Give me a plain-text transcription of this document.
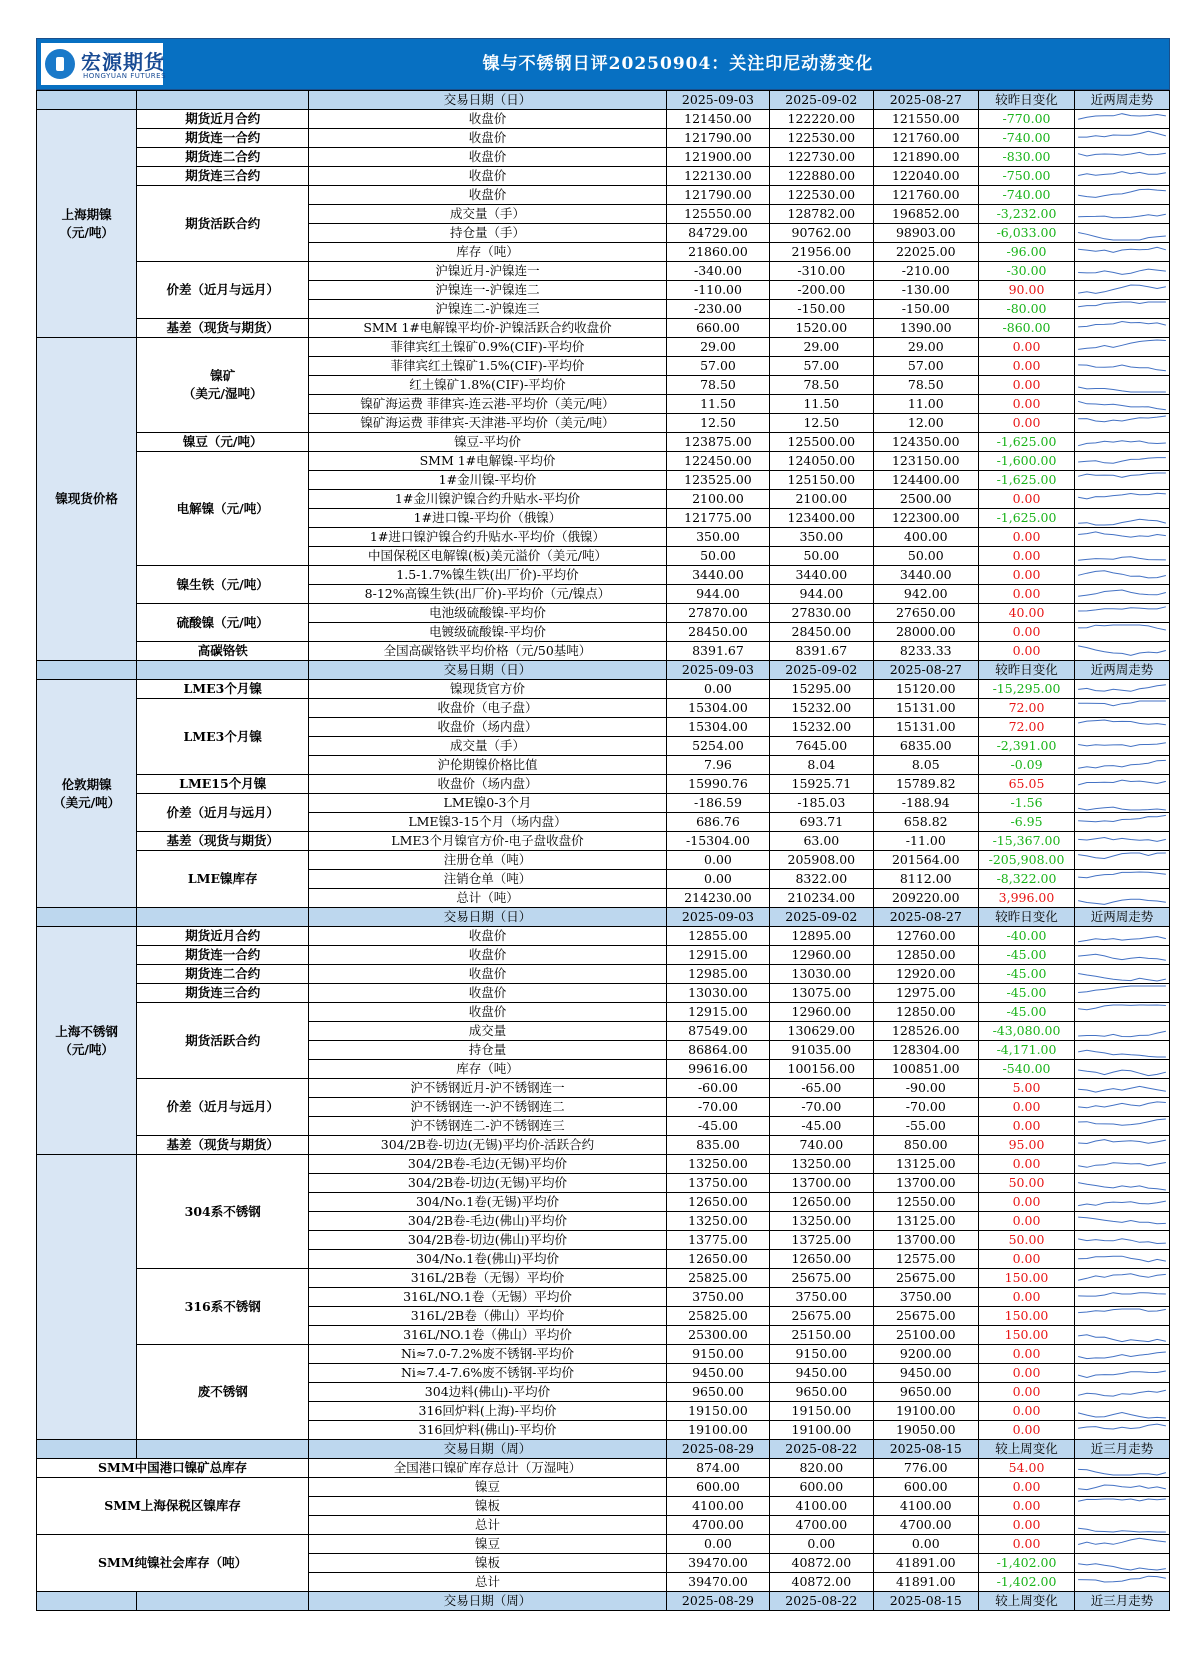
宏源期货
HONGYUAN FUTURES
镍与不锈钢日评20250904：关注印尼动荡变化
		交易日期（日）	2025-09-03	2025-09-02	2025-08-27	较昨日变化	近两周走势
上海期镍
（元/吨）	期货近月合约	收盘价	121450.00	122220.00	121550.00	-770.00	

	期货连一合约	收盘价	121790.00	122530.00	121760.00	-740.00	

	期货连二合约	收盘价	121900.00	122730.00	121890.00	-830.00	

	期货连三合约	收盘价	122130.00	122880.00	122040.00	-750.00	

	期货活跃合约	收盘价	121790.00	122530.00	121760.00	-740.00	

		成交量（手）	125550.00	128782.00	196852.00	-3,232.00	

		持仓量（手）	84729.00	90762.00	98903.00	-6,033.00	

		库存（吨）	21860.00	21956.00	22025.00	-96.00	

	价差（近月与远月）	沪镍近月-沪镍连一	-340.00	-310.00	-210.00	-30.00	

		沪镍连一-沪镍连二	-110.00	-200.00	-130.00	90.00	

		沪镍连二-沪镍连三	-230.00	-150.00	-150.00	-80.00	

	基差（现货与期货）	SMM 1#电解镍平均价-沪镍活跃合约收盘价	660.00	1520.00	1390.00	-860.00	

镍现货价格	镍矿
（美元/湿吨）	菲律宾红土镍矿0.9%(CIF)-平均价	29.00	29.00	29.00	0.00	

		菲律宾红土镍矿1.5%(CIF)-平均价	57.00	57.00	57.00	0.00	

		红土镍矿1.8%(CIF)-平均价	78.50	78.50	78.50	0.00	

		镍矿海运费 菲律宾-连云港-平均价（美元/吨）	11.50	11.50	11.00	0.00	

		镍矿海运费 菲律宾-天津港-平均价（美元/吨）	12.50	12.50	12.00	0.00	

	镍豆（元/吨）	镍豆-平均价	123875.00	125500.00	124350.00	-1,625.00	

	电解镍（元/吨）	SMM 1#电解镍-平均价	122450.00	124050.00	123150.00	-1,600.00	

		1#金川镍-平均价	123525.00	125150.00	124400.00	-1,625.00	

		1#金川镍沪镍合约升贴水-平均价	2100.00	2100.00	2500.00	0.00	

		1#进口镍-平均价（俄镍）	121775.00	123400.00	122300.00	-1,625.00	

		1#进口镍沪镍合约升贴水-平均价（俄镍）	350.00	350.00	400.00	0.00	

		中国保税区电解镍(板)美元溢价（美元/吨）	50.00	50.00	50.00	0.00	

	镍生铁（元/吨）	1.5-1.7%镍生铁(出厂价)-平均价	3440.00	3440.00	3440.00	0.00	

		8-12%高镍生铁(出厂价)-平均价（元/镍点）	944.00	944.00	942.00	0.00	

	硫酸镍（元/吨）	电池级硫酸镍-平均价	27870.00	27830.00	27650.00	40.00	

		电镀级硫酸镍-平均价	28450.00	28450.00	28000.00	0.00	

	高碳铬铁	全国高碳铬铁平均价格（元/50基吨）	8391.67	8391.67	8233.33	0.00	

		交易日期（日）	2025-09-03	2025-09-02	2025-08-27	较昨日变化	近两周走势
伦敦期镍
（美元/吨）	LME3个月镍	镍现货官方价	0.00	15295.00	15120.00	-15,295.00	

	LME3个月镍	收盘价（电子盘）	15304.00	15232.00	15131.00	72.00	

		收盘价（场内盘）	15304.00	15232.00	15131.00	72.00	

		成交量（手）	5254.00	7645.00	6835.00	-2,391.00	

		沪伦期镍价格比值	7.96	8.04	8.05	-0.09	

	LME15个月镍	收盘价（场内盘）	15990.76	15925.71	15789.82	65.05	

	价差（近月与远月）	LME镍0-3个月	-186.59	-185.03	-188.94	-1.56	

		LME镍3-15个月（场内盘）	686.76	693.71	658.82	-6.95	

	基差（现货与期货）	LME3个月镍官方价-电子盘收盘价	-15304.00	63.00	-11.00	-15,367.00	

	LME镍库存	注册仓单（吨）	0.00	205908.00	201564.00	-205,908.00	

		注销仓单（吨）	0.00	8322.00	8112.00	-8,322.00	

		总计（吨）	214230.00	210234.00	209220.00	3,996.00	

		交易日期（日）	2025-09-03	2025-09-02	2025-08-27	较昨日变化	近两周走势
上海不锈钢
（元/吨）	期货近月合约	收盘价	12855.00	12895.00	12760.00	-40.00	

	期货连一合约	收盘价	12915.00	12960.00	12850.00	-45.00	

	期货连二合约	收盘价	12985.00	13030.00	12920.00	-45.00	

	期货连三合约	收盘价	13030.00	13075.00	12975.00	-45.00	

	期货活跃合约	收盘价	12915.00	12960.00	12850.00	-45.00	

		成交量	87549.00	130629.00	128526.00	-43,080.00	

		持仓量	86864.00	91035.00	128304.00	-4,171.00	

		库存（吨）	99616.00	100156.00	100851.00	-540.00	

	价差（近月与远月）	沪不锈钢近月-沪不锈钢连一	-60.00	-65.00	-90.00	5.00	

		沪不锈钢连一-沪不锈钢连二	-70.00	-70.00	-70.00	0.00	

		沪不锈钢连二-沪不锈钢连三	-45.00	-45.00	-55.00	0.00	

	基差（现货与期货）	304/2B卷-切边(无锡)平均价-活跃合约	835.00	740.00	850.00	95.00	

	304系不锈钢	304/2B卷-毛边(无锡)平均价	13250.00	13250.00	13125.00	0.00	

		304/2B卷-切边(无锡)平均价	13750.00	13700.00	13700.00	50.00	

		304/No.1卷(无锡)平均价	12650.00	12650.00	12550.00	0.00	

		304/2B卷-毛边(佛山)平均价	13250.00	13250.00	13125.00	0.00	

		304/2B卷-切边(佛山)平均价	13775.00	13725.00	13700.00	50.00	

		304/No.1卷(佛山)平均价	12650.00	12650.00	12575.00	0.00	

	316系不锈钢	316L/2B卷（无锡）平均价	25825.00	25675.00	25675.00	150.00	

		316L/NO.1卷（无锡）平均价	3750.00	3750.00	3750.00	0.00	

		316L/2B卷（佛山）平均价	25825.00	25675.00	25675.00	150.00	

		316L/NO.1卷（佛山）平均价	25300.00	25150.00	25100.00	150.00	

	废不锈钢	Ni≈7.0-7.2%废不锈钢-平均价	9150.00	9150.00	9200.00	0.00	

		Ni≈7.4-7.6%废不锈钢-平均价	9450.00	9450.00	9450.00	0.00	

		304边料(佛山)-平均价	9650.00	9650.00	9650.00	0.00	

		316回炉料(上海)-平均价	19150.00	19150.00	19100.00	0.00	

		316回炉料(佛山)-平均价	19100.00	19100.00	19050.00	0.00	

		交易日期（周）	2025-08-29	2025-08-22	2025-08-15	较上周变化	近三月走势
SMM中国港口镍矿总库存		全国港口镍矿库存总计（万湿吨）	874.00	820.00	776.00	54.00	

SMM上海保税区镍库存		镍豆	600.00	600.00	600.00	0.00	

		镍板	4100.00	4100.00	4100.00	0.00	

		总计	4700.00	4700.00	4700.00	0.00	

SMM纯镍社会库存（吨）		镍豆	0.00	0.00	0.00	0.00	

		镍板	39470.00	40872.00	41891.00	-1,402.00	

		总计	39470.00	40872.00	41891.00	-1,402.00	

		交易日期（周）	2025-08-29	2025-08-22	2025-08-15	较上周变化	近三月走势
